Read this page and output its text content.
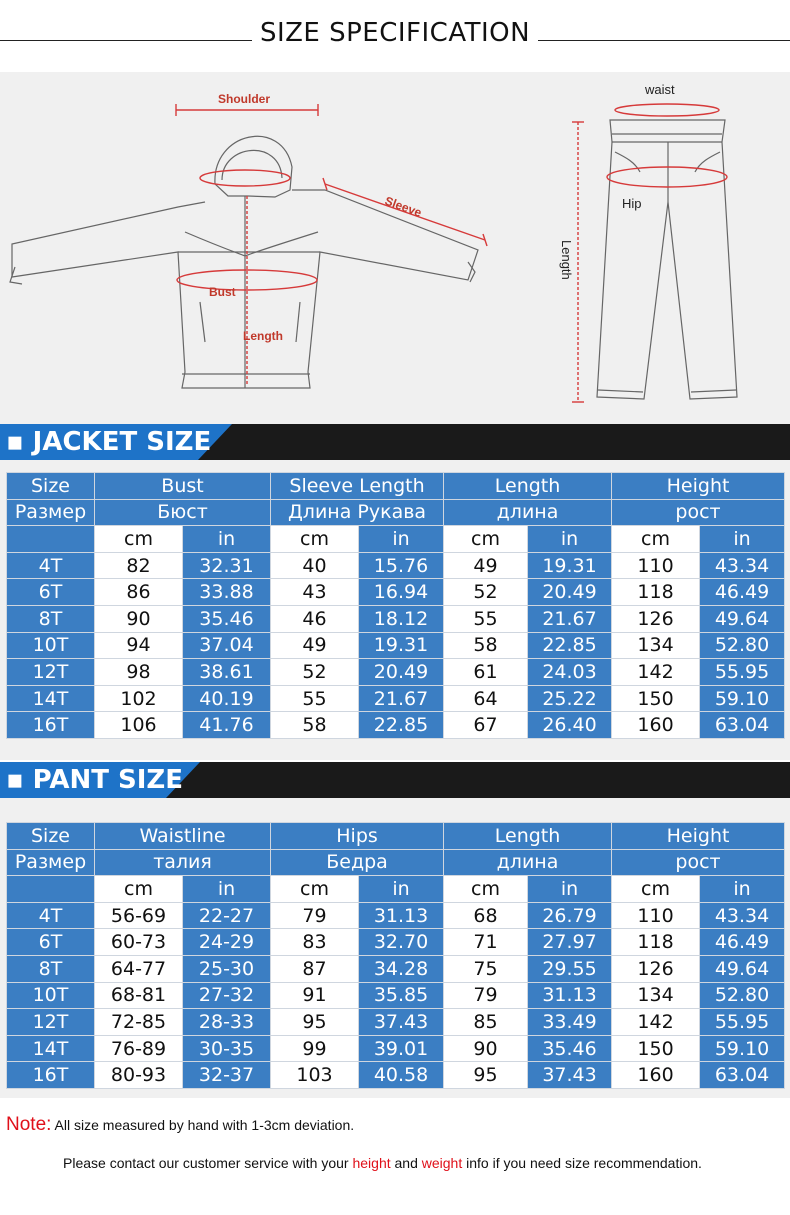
SIZE SPECIFICATION
Shoulder
Sleeve
Bust
Length
waist
Hip
Length
▪ JACKET SIZE
Size	Bust		Sleeve Length		Length		Height	
Размер	Бюст		Длина Рукава		длина		рост	
	cm	in	cm	in	cm	in	cm	in
4T	82	32.31	40	15.76	49	19.31	110	43.34
6T	86	33.88	43	16.94	52	20.49	118	46.49
8T	90	35.46	46	18.12	55	21.67	126	49.64
10T	94	37.04	49	19.31	58	22.85	134	52.80
12T	98	38.61	52	20.49	61	24.03	142	55.95
14T	102	40.19	55	21.67	64	25.22	150	59.10
16T	106	41.76	58	22.85	67	26.40	160	63.04
▪ PANT SIZE
Size	Waistline		Hips		Length		Height	
Размер	талия		Бедра		длина		рост	
	cm	in	cm	in	cm	in	cm	in
4T	56-69	22-27	79	31.13	68	26.79	110	43.34
6T	60-73	24-29	83	32.70	71	27.97	118	46.49
8T	64-77	25-30	87	34.28	75	29.55	126	49.64
10T	68-81	27-32	91	35.85	79	31.13	134	52.80
12T	72-85	28-33	95	37.43	85	33.49	142	55.95
14T	76-89	30-35	99	39.01	90	35.46	150	59.10
16T	80-93	32-37	103	40.58	95	37.43	160	63.04
Note: All size measured by hand with 1-3cm deviation.
Please contact our customer service with your height and weight info if you need size recommendation.
